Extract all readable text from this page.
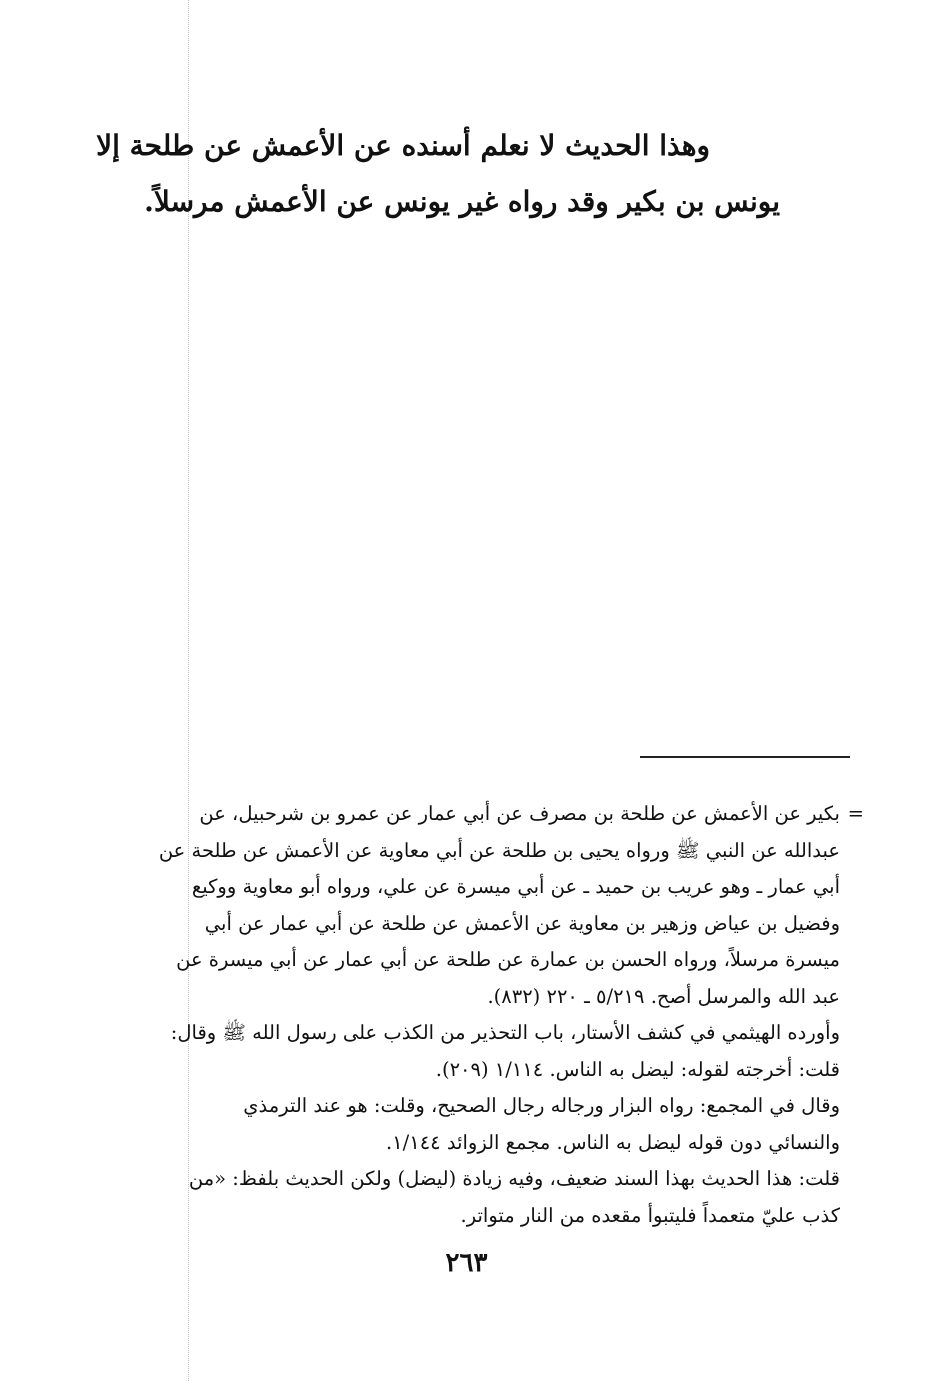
وهذا الحديث لا نعلم أسنده عن الأعمش عن طلحة إلا
يونس بن بكير وقد رواه غير يونس عن الأعمش مرسلاً.
=
بكير عن الأعمش عن طلحة بن مصرف عن أبي عمار عن عمرو بن شرحبيل، عن
عبدالله عن النبي ﷺ ورواه يحيى بن طلحة عن أبي معاوية عن الأعمش عن طلحة عن
أبي عمار ـ وهو عريب بن حميد ـ عن أبي ميسرة عن علي، ورواه أبو معاوية ووكيع
وفضيل بن عياض وزهير بن معاوية عن الأعمش عن طلحة عن أبي عمار عن أبي
ميسرة مرسلاً، ورواه الحسن بن عمارة عن طلحة عن أبي عمار عن أبي ميسرة عن
عبد الله والمرسل أصح. ٥/٢١٩ ـ ٢٢٠ (٨٣٢).
وأورده الهيثمي في كشف الأستار، باب التحذير من الكذب على رسول الله ﷺ وقال:
قلت: أخرجته لقوله: ليضل به الناس. ١/١١٤ (٢٠٩).
وقال في المجمع: رواه البزار ورجاله رجال الصحيح، وقلت: هو عند الترمذي
والنسائي دون قوله ليضل به الناس. مجمع الزوائد ١/١٤٤.
قلت: هذا الحديث بهذا السند ضعيف، وفيه زيادة (ليضل) ولكن الحديث بلفظ: «من
كذب عليّ متعمداً فليتبوأ مقعده من النار متواتر.
٢٦٣
